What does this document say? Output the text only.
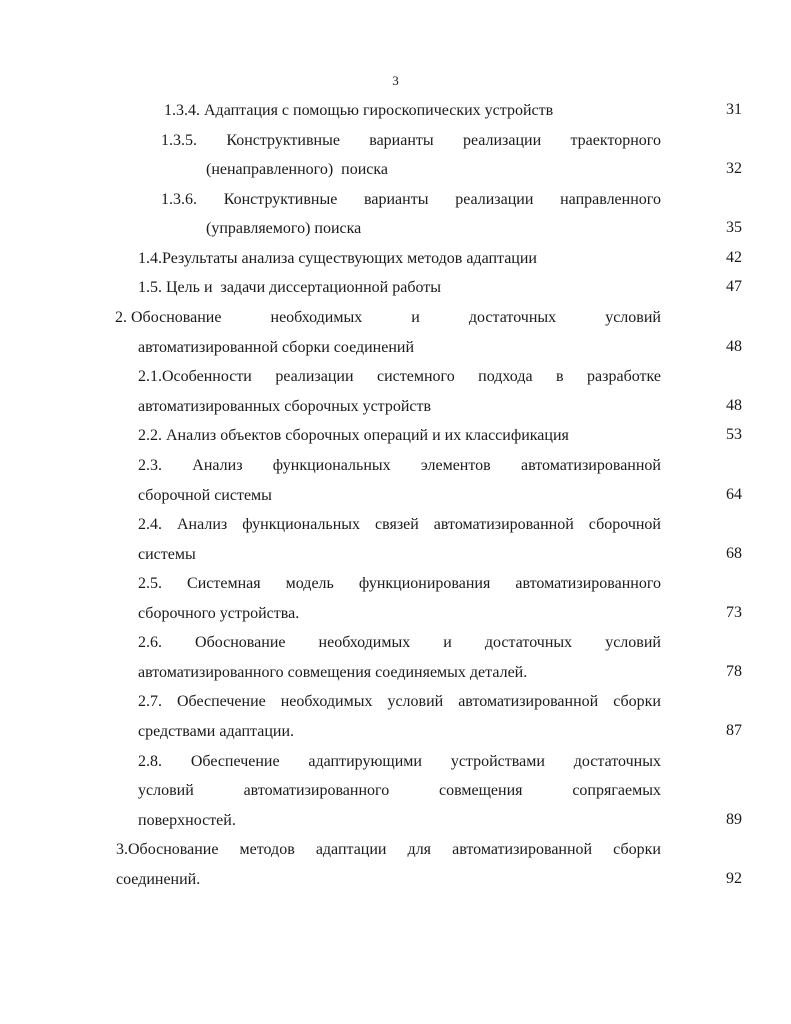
3
1.3.4. Адаптация с помощью гироскопических устройств	31
1.3.5. Конструктивные варианты реализации траекторного
(ненаправленного)  поиска	32
1.3.6. Конструктивные варианты реализации направленного
(управляемого) поиска	35
1.4.Результаты анализа существующих методов адаптации	42
1.5. Цель и  задачи диссертационной работы	47
2. Обоснование	необходимых	и	достаточных	условий
автоматизированной сборки соединений	48
2.1.Особенности реализации системного подхода в разработке
автоматизированных сборочных устройств	48
2.2. Анализ объектов сборочных операций и их классификация	53
2.3. Анализ функциональных элементов автоматизированной
сборочной системы	64
2.4. Анализ функциональных связей автоматизированной сборочной
системы	68
2.5. Системная модель функционирования автоматизированного
сборочного устройства.	73
2.6. Обоснование необходимых и достаточных условий
автоматизированного совмещения соединяемых деталей.	78
2.7. Обеспечение необходимых условий автоматизированной сборки
средствами адаптации.	87
2.8. Обеспечение адаптирующими устройствами достаточных
условий	автоматизированного	совмещения	сопрягаемых
поверхностей.	89
3.Обоснование методов адаптации для автоматизированной сборки
соединений.	92
